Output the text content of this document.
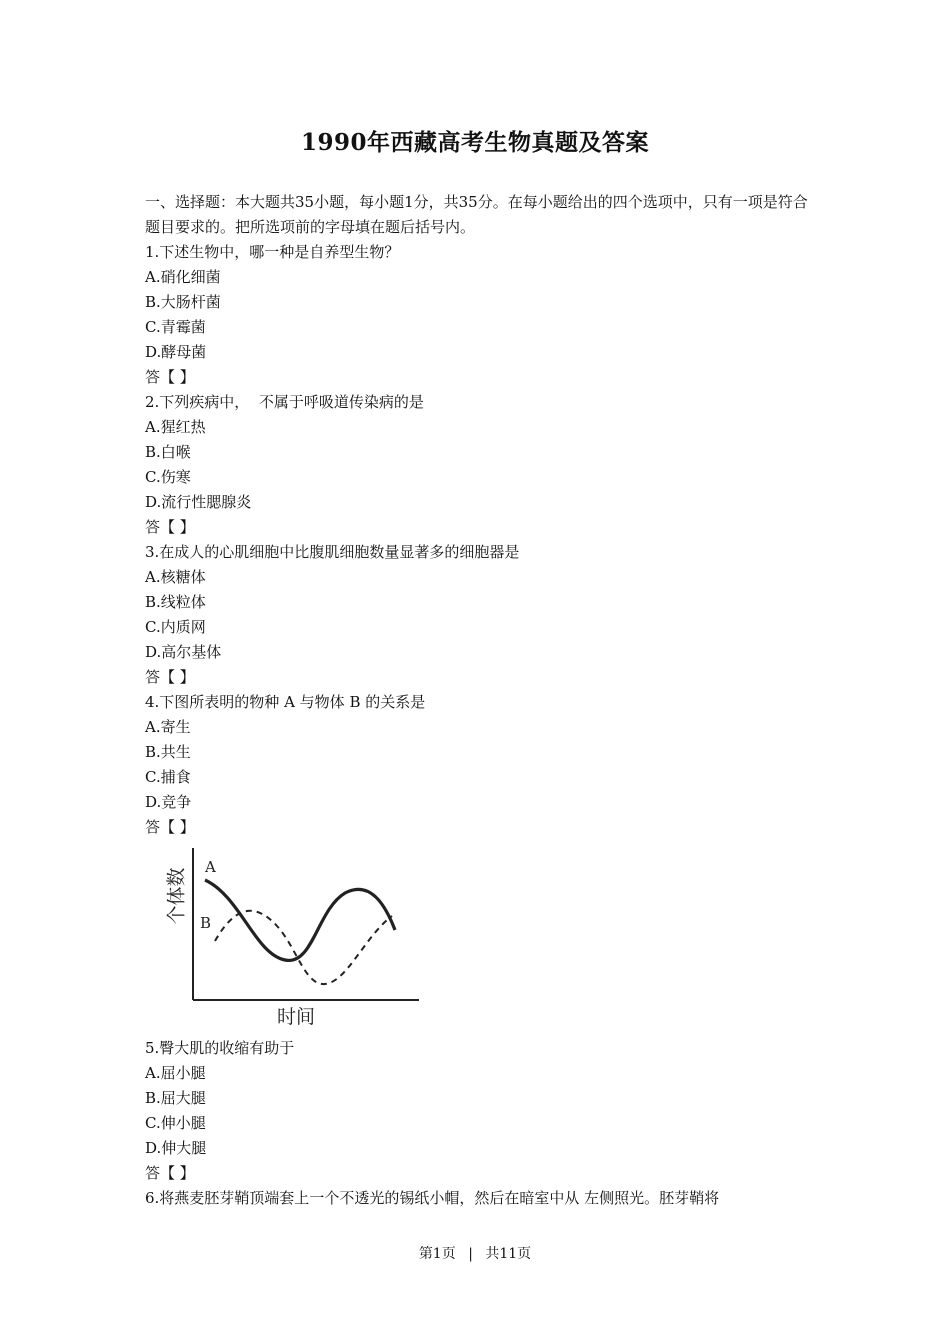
1990年西藏高考生物真题及答案
一、选择题：本大题共35小题，每小题1分，共35分。在每小题给出的四个选项中，只有一项是符合题目要求的。把所选项前的字母填在题后括号内。
1.下述生物中，哪一种是自养型生物？
A.硝化细菌
B.大肠杆菌
C.青霉菌
D.酵母菌
答【 】
2.下列疾病中，  不属于呼吸道传染病的是
A.猩红热
B.白喉
C.伤寒
D.流行性腮腺炎
答【 】
3.在成人的心肌细胞中比腹肌细胞数量显著多的细胞器是
A.核糖体
B.线粒体
C.内质网
D.高尔基体
答【 】
4.下图所表明的物种 A 与物体 B 的关系是
A.寄生
B.共生
C.捕食
D.竞争
答【 】
个体数
时间
A
B
5.臀大肌的收缩有助于
A.屈小腿
B.屈大腿
C.伸小腿
D.伸大腿
答【 】
6.将燕麦胚芽鞘顶端套上一个不透光的锡纸小帽，然后在暗室中从 左侧照光。胚芽鞘将
第1页 | 共11页
